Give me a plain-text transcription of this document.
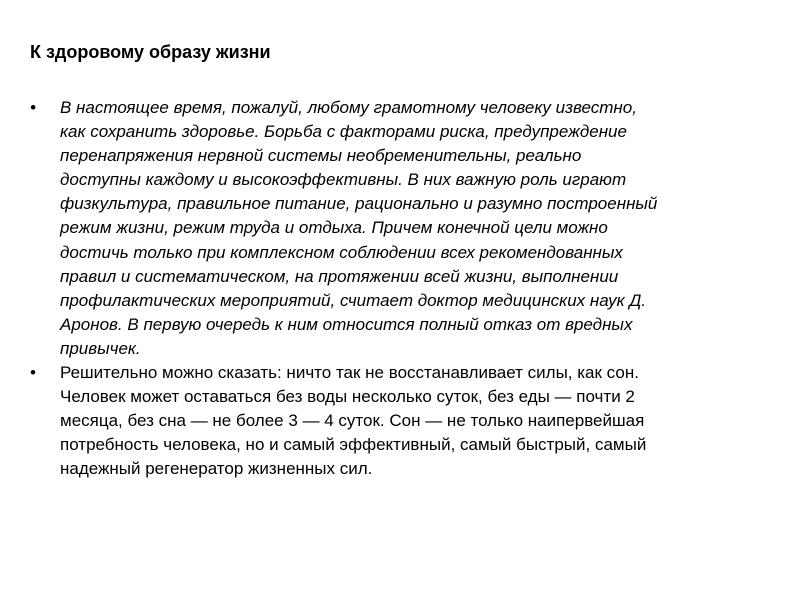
К здоровому образу жизни
• В настоящее время, пожалуй, любому грамотному человеку известно,
как сохранить здоровье. Борьба с факторами риска, предупреждение
перенапряжения нервной системы необременительны, реально
доступны каждому и высокоэффективны. В них важную роль играют
физкультура, правильное питание, рационально и разумно построенный
режим жизни, режим труда и отдыха. Причем конечной цели можно
достичь только при комплексном соблюдении всех рекомендованных
правил и систематическом, на протяжении всей жизни, выполнении
профилактических мероприятий, считает доктор медицинских наук Д.
Аронов. В первую очередь к ним относится полный отказ от вредных
привычек.
• Решительно можно сказать: ничто так не восстанавливает силы, как сон.
Человек может оставаться без воды несколько суток, без еды — почти 2
месяца, без сна — не более 3 — 4 суток. Сон — не только наипервейшая
потребность человека, но и самый эффективный, самый быстрый, самый
надежный регенератор жизненных сил.
